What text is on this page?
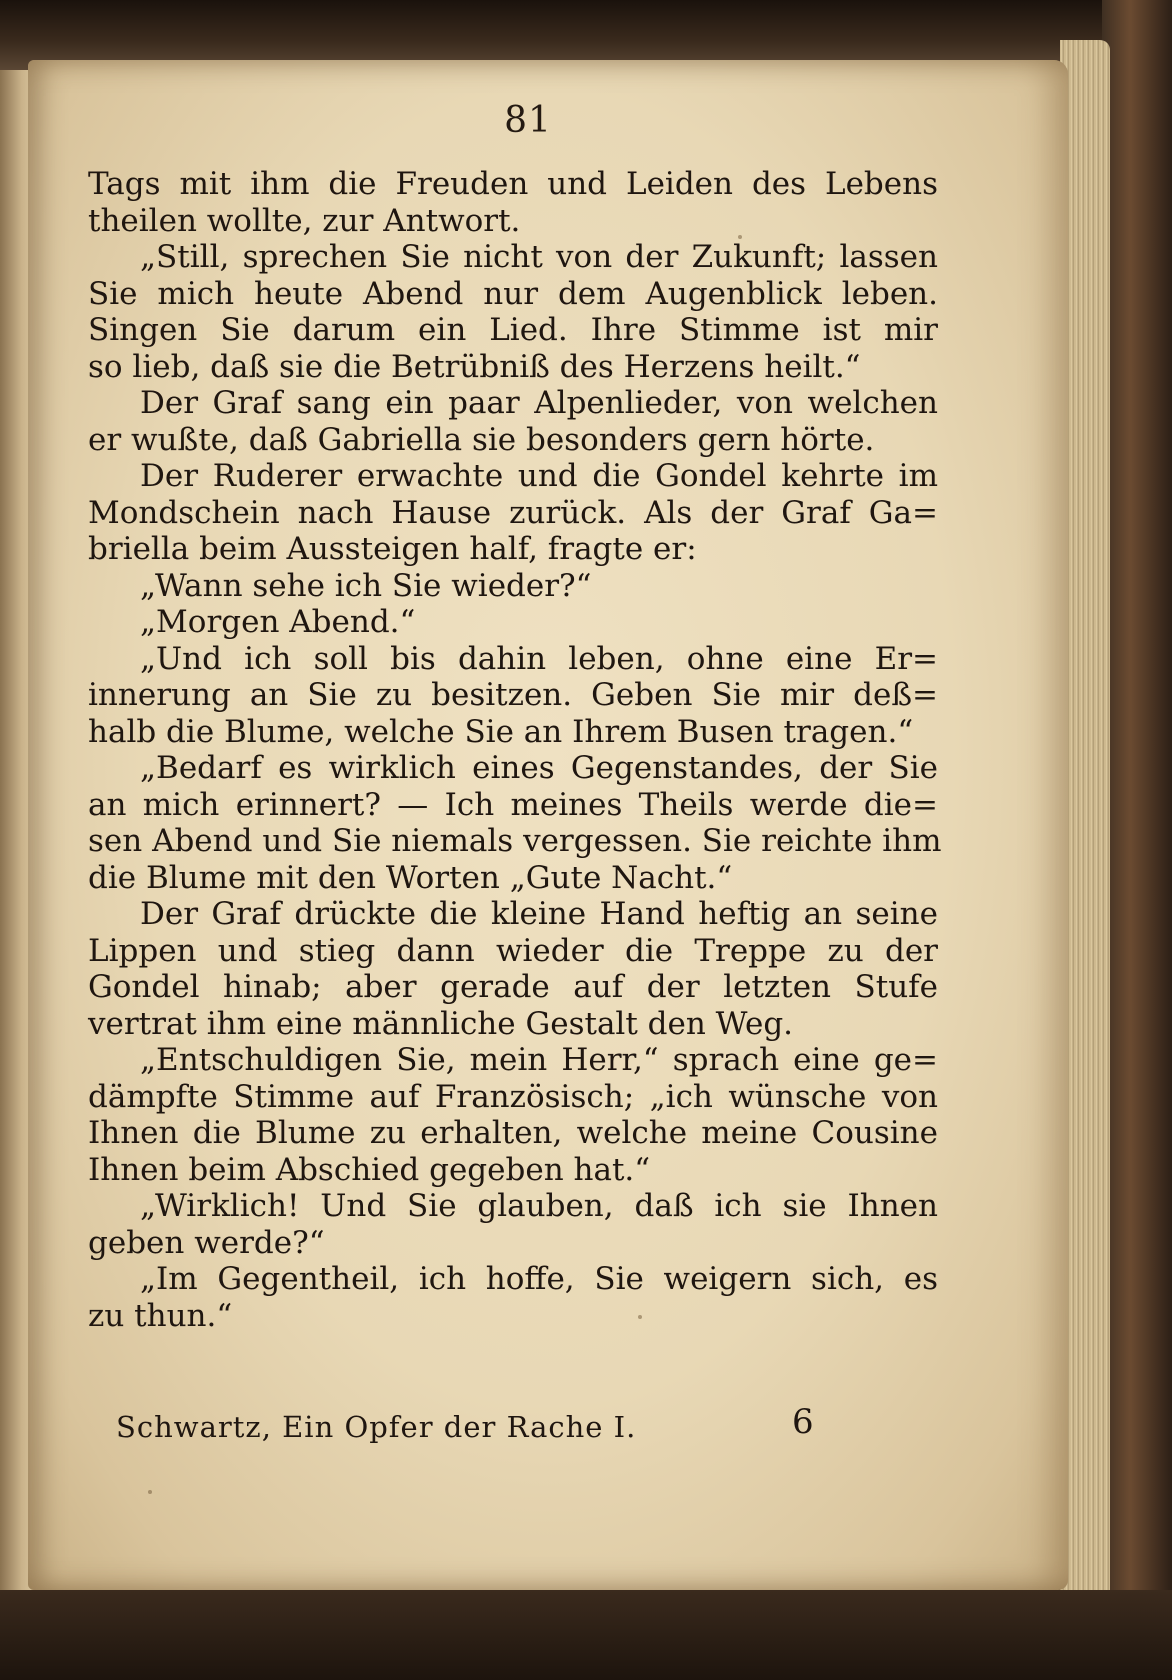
81
Tags mit ihm die Freuden und Leiden des Lebens
theilen wollte, zur Antwort.
„Still, sprechen Sie nicht von der Zukunft; lassen
Sie mich heute Abend nur dem Augenblick leben.
Singen Sie darum ein Lied. Ihre Stimme ist mir
so lieb, daß sie die Betrübniß des Herzens heilt.“
Der Graf sang ein paar Alpenlieder, von welchen
er wußte, daß Gabriella sie besonders gern hörte.
Der Ruderer erwachte und die Gondel kehrte im
Mondschein nach Hause zurück. Als der Graf Ga=
briella beim Aussteigen half, fragte er:
„Wann sehe ich Sie wieder?“
„Morgen Abend.“
„Und ich soll bis dahin leben, ohne eine Er=
innerung an Sie zu besitzen. Geben Sie mir deß=
halb die Blume, welche Sie an Ihrem Busen tragen.“
„Bedarf es wirklich eines Gegenstandes, der Sie
an mich erinnert? — Ich meines Theils werde die=
sen Abend und Sie niemals vergessen. Sie reichte ihm
die Blume mit den Worten „Gute Nacht.“
Der Graf drückte die kleine Hand heftig an seine
Lippen und stieg dann wieder die Treppe zu der
Gondel hinab; aber gerade auf der letzten Stufe
vertrat ihm eine männliche Gestalt den Weg.
„Entschuldigen Sie, mein Herr,“ sprach eine ge=
dämpfte Stimme auf Französisch; „ich wünsche von
Ihnen die Blume zu erhalten, welche meine Cousine
Ihnen beim Abschied gegeben hat.“
„Wirklich! Und Sie glauben, daß ich sie Ihnen
geben werde?“
„Im Gegentheil, ich hoffe, Sie weigern sich, es
zu thun.“
Schwartz, Ein Opfer der Rache I.	6
